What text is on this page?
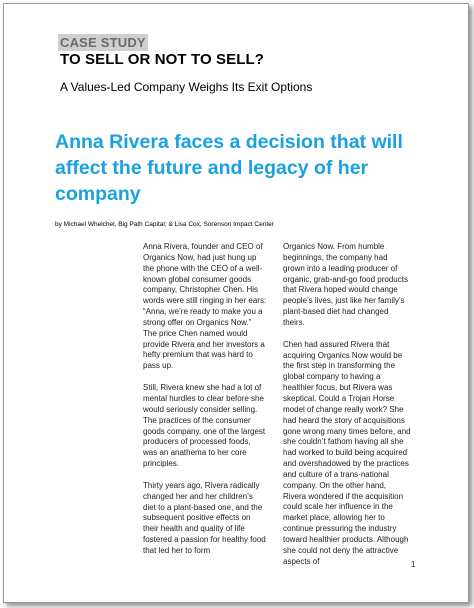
CASE STUDY
TO SELL OR NOT TO SELL?
A Values-Led Company Weighs Its Exit Options
Anna Rivera faces a decision that will affect the future and legacy of her company
by Michael Whelchel, Big Path Capital; & Lisa Cox, Sorenson Impact Center

Anna Rivera, founder and CEO of Organics Now, had just hung up the phone with the CEO of a well-known global consumer goods company, Christopher Chen. His words were still ringing in her ears: “Anna, we’re ready to make you a strong offer on Organics Now.” The price Chen named would provide Rivera and her investors a hefty premium that was hard to pass up.

Still, Rivera knew she had a lot of mental hurdles to clear before she would seriously consider selling. The practices of the consumer goods company, one of the largest producers of processed foods, was an anathema to her core principles.

Thirty years ago, Rivera radically changed her and her children’s diet to a plant-based one, and the subsequent positive effects on their health and quality of life fostered a passion for healthy food that led her to form

Organics Now. From humble beginnings, the company had grown into a leading producer of organic, grab-and-go food products that Rivera hoped would change people’s lives, just like her family’s plant-based diet had changed theirs.

Chen had assured Rivera that acquiring Organics Now would be the first step in transforming the global company to having a healthier focus, but Rivera was skeptical. Could a Trojan Horse model of change really work? She had heard the story of acquisitions gone wrong many times before, and she couldn’t fathom having all she had worked to build being acquired and overshadowed by the practices and culture of a trans-national company. On the other hand, Rivera wondered if the acquisition could scale her influence in the market place, allowing her to continue pressuring the industry toward healthier products. Although she could not deny the attractive aspects of	1
